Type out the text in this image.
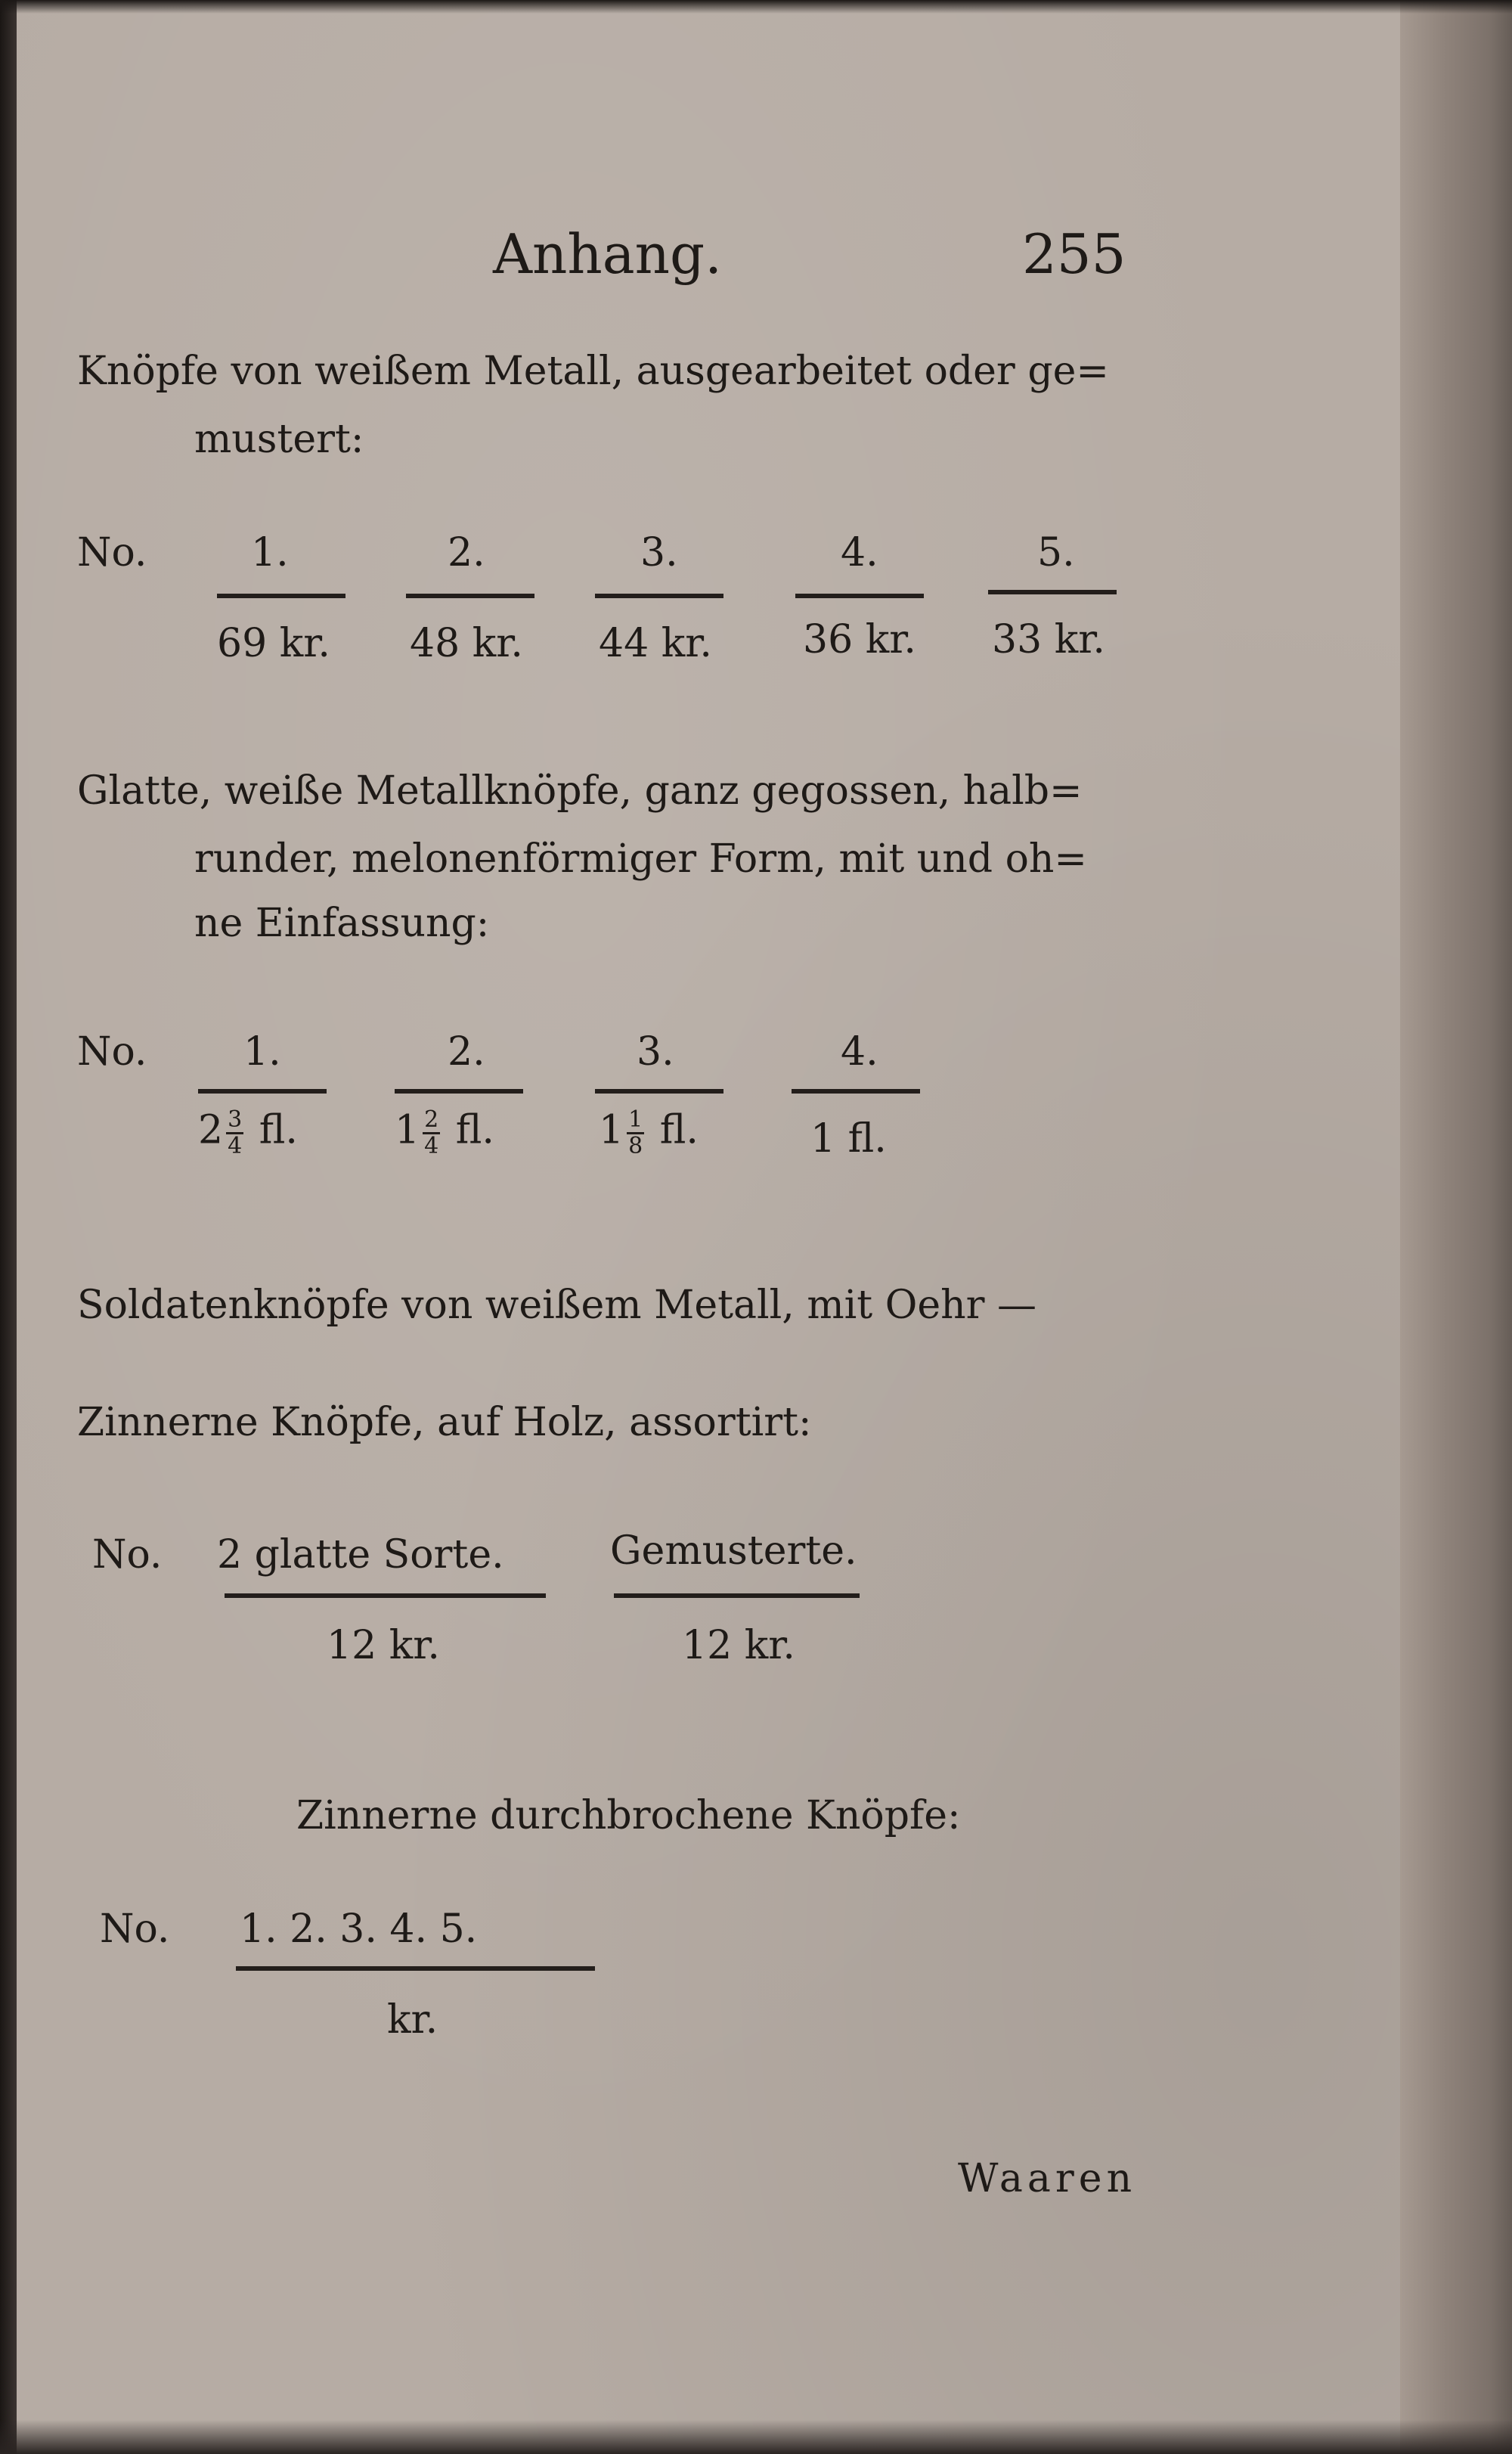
Anhang.	255
Knöpfe von weißem Metall, ausgearbeitet oder ge=
mustert:
No.	1.	2.	3.	4.	5.
69 kr. 48 kr. 44 kr. 36 kr. 33 kr.
Glatte, weiße Metallknöpfe, ganz gegossen, halb=
runder, melonenförmiger Form, mit und oh=
ne Einfassung:
No. 1.	2.	3.	4.
$2 \frac{3}{4}$ fl. $1 \frac{2}{4}$ fl.	$1 \frac{1}{8}$ fl.	1 fl.
Soldatenknöpfe von weißem Metall, mit Oehr —
Zinnerne Knöpfe, auf Holz, assortirt:
No. 2 glatte Sorte.	Gemusterte.
12 kr.	12 kr.
Zinnerne durchbrochene Knöpfe:
No. 1. 2. 3. 4. 5.
kr.
Waaren
